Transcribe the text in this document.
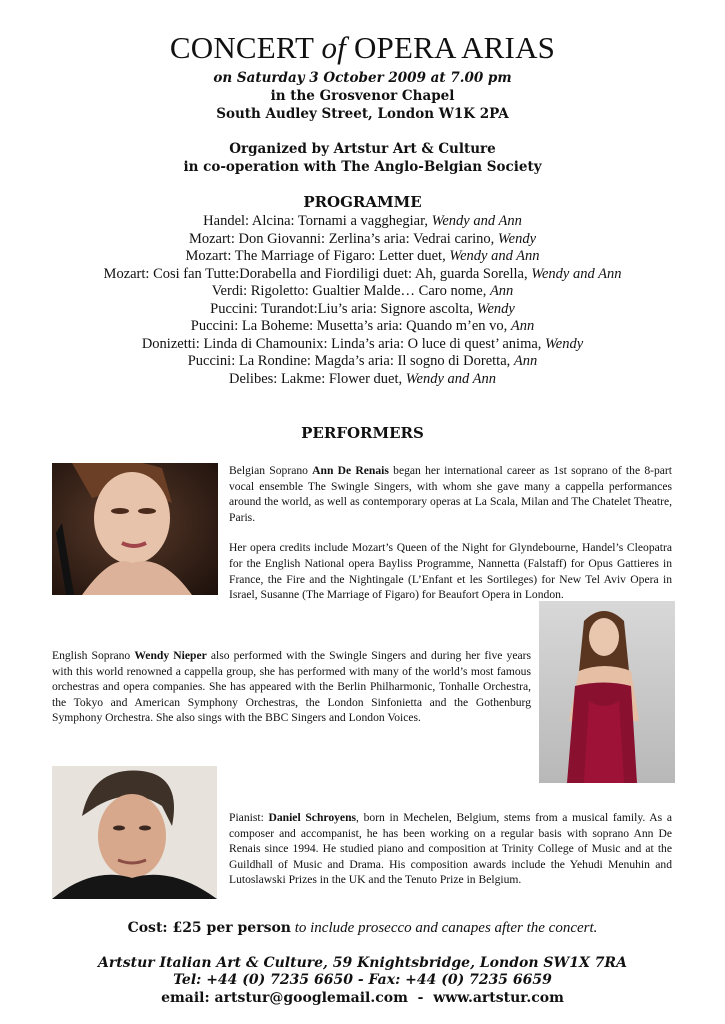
CONCERT of OPERA ARIAS
on Saturday 3 October 2009 at 7.00 pm
in the Grosvenor Chapel
South Audley Street, London W1K 2PA
Organized by Artstur Art & Culture
in co-operation with The Anglo-Belgian Society
PROGRAMME
Handel: Alcina: Tornami a vagghegiar, Wendy and Ann
Mozart: Don Giovanni: Zerlina’s aria: Vedrai carino, Wendy
Mozart: The Marriage of Figaro: Letter duet, Wendy and Ann
Mozart: Cosi fan Tutte:Dorabella and Fiordiligi duet: Ah, guarda Sorella, Wendy and Ann
Verdi: Rigoletto: Gualtier Malde… Caro nome, Ann
Puccini: Turandot:Liu’s aria: Signore ascolta, Wendy
Puccini: La Boheme: Musetta’s aria: Quando m’en vo, Ann
Donizetti: Linda di Chamounix: Linda’s aria: O luce di quest’ anima, Wendy
Puccini: La Rondine: Magda’s aria: Il sogno di Doretta, Ann
Delibes: Lakme: Flower duet, Wendy and Ann
PERFORMERS

Belgian Soprano Ann De Renais began her international career as 1st soprano of the 8-part vocal ensemble The Swingle Singers, with whom she gave many a cappella performances around the world, as well as contemporary operas at La Scala, Milan and The Chatelet Theatre, Paris.

Her opera credits include Mozart’s Queen of the Night for Glyndebourne, Handel’s Cleopatra for the English National opera Bayliss Programme, Nannetta (Falstaff) for Opus Gattieres in France, the Fire and the Nightingale (L’Enfant et les Sortileges) for New Tel Aviv Opera in Israel, Susanne (The Marriage of Figaro) for Beaufort Opera in London.

English Soprano Wendy Nieper also performed with the Swingle Singers and during her five years with this world renowned a cappella group, she has performed with many of the world’s most famous orchestras and opera companies. She has appeared with the Berlin Philharmonic, Tonhalle Orchestra, the Tokyo and American Symphony Orchestras, the London Sinfonietta and the Gothenburg Symphony Orchestra. She also sings with the BBC Singers and London Voices.

Pianist: Daniel Schroyens, born in Mechelen, Belgium, stems from a musical family. As a composer and accompanist, he has been working on a regular basis with soprano Ann De Renais since 1994. He studied piano and composition at Trinity College of Music and at the Guildhall of Music and Drama. His composition awards include the Yehudi Menuhin and Lutoslawski Prizes in the UK and the Tenuto Prize in Belgium.

Cost: £25 per person to include prosecco and canapes after the concert.
Artstur Italian Art & Culture, 59 Knightsbridge, London SW1X 7RA
Tel: +44 (0) 7235 6650 - Fax: +44 (0) 7235 6659
email: artstur@googlemail.com  -  www.artstur.com
